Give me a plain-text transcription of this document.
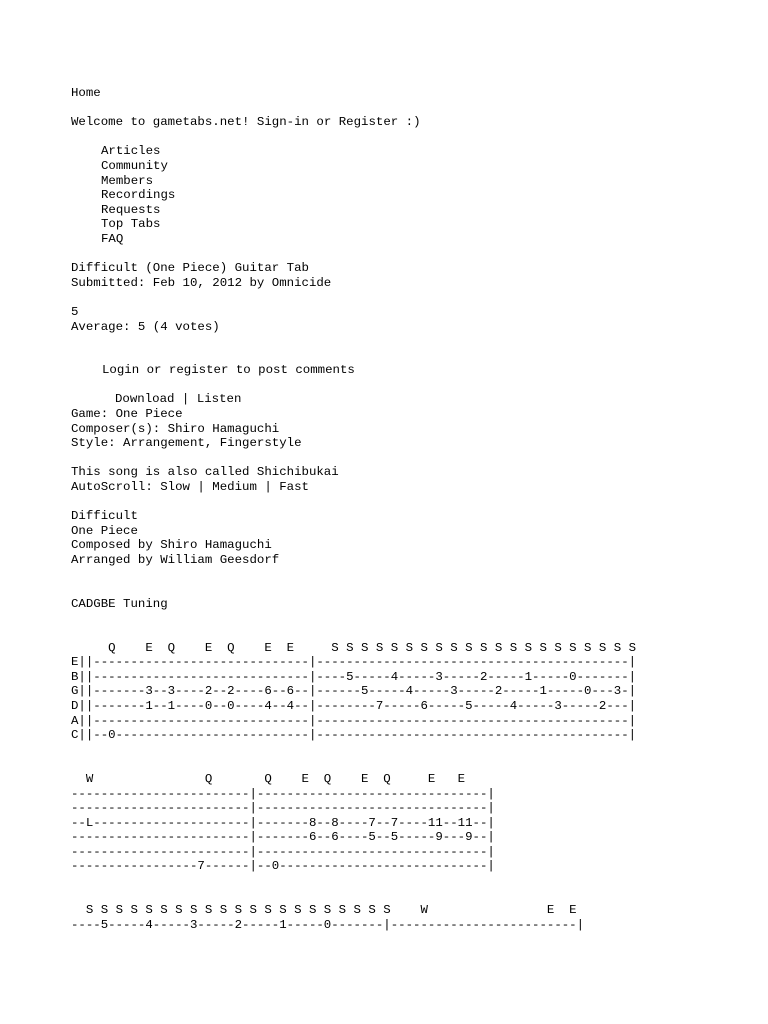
Home
Welcome to gametabs.net! Sign-in or Register :)
Articles
Community
Members
Recordings
Requests
Top Tabs
FAQ
Difficult (One Piece) Guitar Tab
Submitted: Feb 10, 2012 by Omnicide
5
Average: 5 (4 votes)
Login or register to post comments
Download | Listen
Game: One Piece
Composer(s): Shiro Hamaguchi
Style: Arrangement, Fingerstyle
This song is also called Shichibukai
AutoScroll: Slow | Medium | Fast
Difficult
One Piece
Composed by Shiro Hamaguchi
Arranged by William Geesdorf
CADGBE Tuning
Q    E  Q    E  Q    E  E     S S S S S S S S S S S S S S S S S S S S S
E||-----------------------------|------------------------------------------|
B||-----------------------------|----5-----4-----3-----2-----1-----0-------|
G||-------3--3----2--2----6--6--|------5-----4-----3-----2-----1-----0---3-|
D||-------1--1----0--0----4--4--|--------7-----6-----5-----4-----3-----2---|
A||-----------------------------|------------------------------------------|
C||--0--------------------------|------------------------------------------|
W               Q       Q    E  Q    E  Q     E   E
------------------------|-------------------------------|
------------------------|-------------------------------|
--L---------------------|-------8--8----7--7----11--11--|
------------------------|-------6--6----5--5-----9---9--|
------------------------|-------------------------------|
-----------------7------|--0----------------------------|
S S S S S S S S S S S S S S S S S S S S S    W                E  E
----5-----4-----3-----2-----1-----0-------|-------------------------|
